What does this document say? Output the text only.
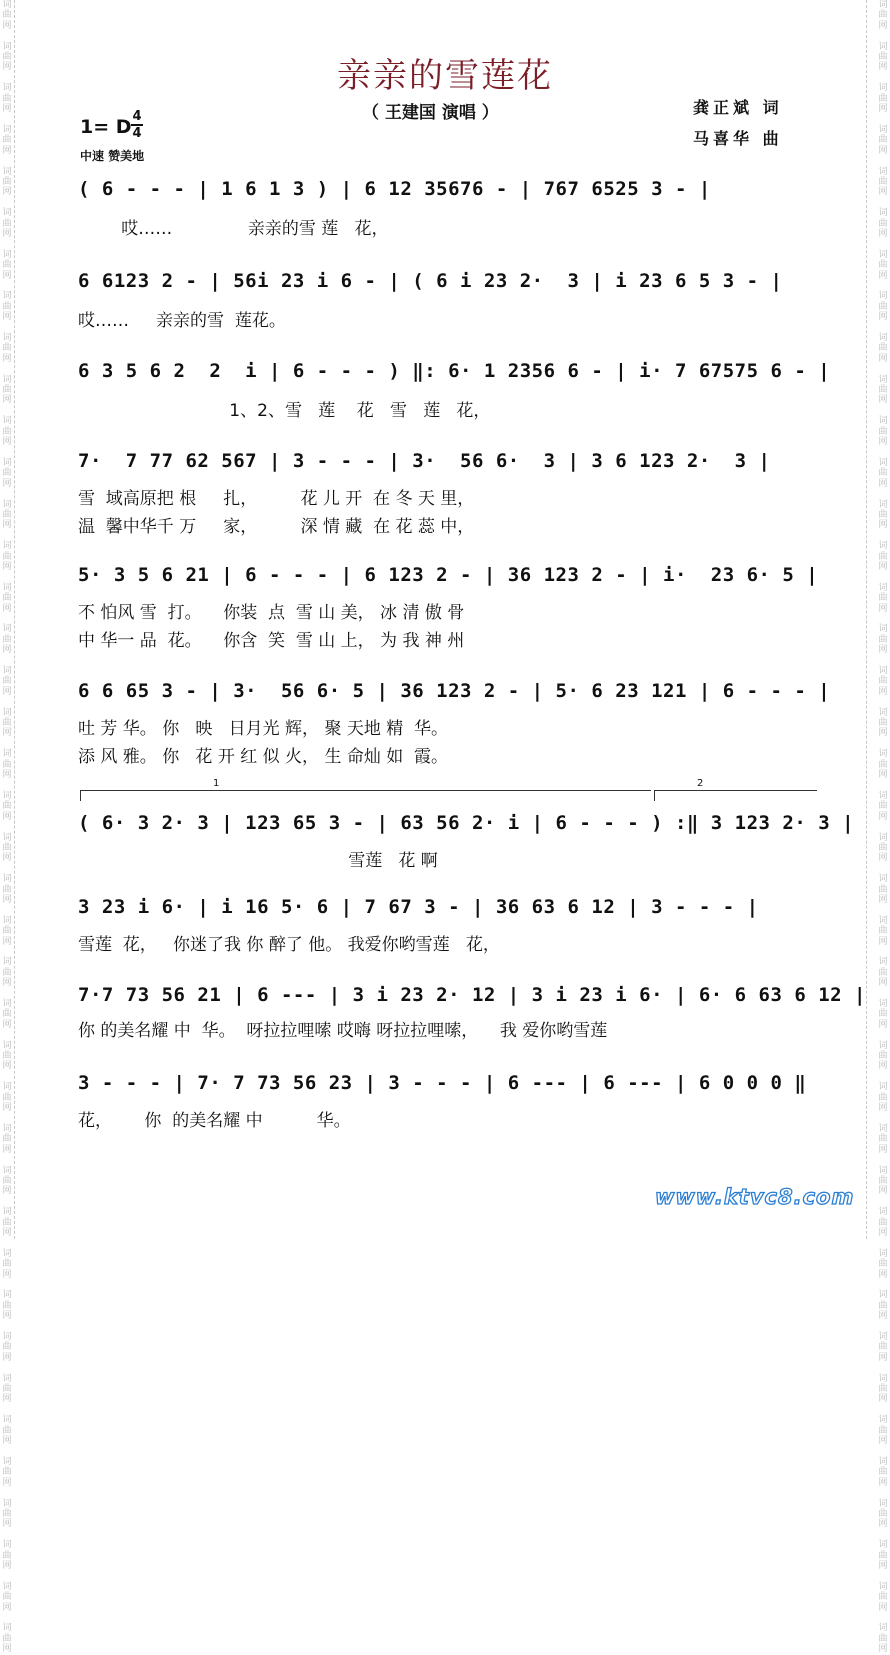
词
曲
网

词
曲
网

词
曲
网

词
曲
网

词
曲
网

词
曲
网

词
曲
网

词
曲
网

词
曲
网

词
曲
网

词
曲
网

词
曲
网

词
曲
网

词
曲
网

词
曲
网

词
曲
网

词
曲
网

词
曲
网

词
曲
网

词
曲
网

词
曲
网

词
曲
网

词
曲
网

词
曲
网

词
曲
网

词
曲
网

词
曲
网

词
曲
网

词
曲
网

词
曲
网

词
曲
网

词
曲
网

词
曲
网

词
曲
网

词
曲
网

词
曲
网

词
曲
网

词
曲
网

词
曲
网

词
曲
网
词
曲
网

词
曲
网

词
曲
网

词
曲
网

词
曲
网

词
曲
网

词
曲
网

词
曲
网

词
曲
网

词
曲
网

词
曲
网

词
曲
网

词
曲
网

词
曲
网

词
曲
网

词
曲
网

词
曲
网

词
曲
网

词
曲
网

词
曲
网

词
曲
网

词
曲
网

词
曲
网

词
曲
网

词
曲
网

词
曲
网

词
曲
网

词
曲
网

词
曲
网

词
曲
网

词
曲
网

词
曲
网

词
曲
网

词
曲
网

词
曲
网

词
曲
网

词
曲
网

词
曲
网

词
曲
网

词
曲
网
亲亲的雪莲花
（ 王建国 演唱 ）	龚正斌 词
马喜华 曲
1= D 4
4
中速 赞美地
( 6 - - - | 1 6 1 3 ) | 6 12 35676 - | 767 6525 3 - |
哎……              亲亲的雪 莲   花，
6 6123 2 - | 56i 23 i 6 - | ( 6 i 23 2·  3 | i 23 6 5 3 - |
哎……     亲亲的雪  莲花。
6 3 5 6 2  2  i | 6 - - - ) ‖: 6· 1 2356 6 - | i· 7 67575 6 - |
1、2、雪   莲    花   雪   莲   花，
7·  7 77 62 567 | 3 - - - | 3·  56 6·  3 | 3 6 123 2·  3 |
雪  域高原把 根     扎，        花 儿 开  在 冬 天 里，
温  馨中华千 万     家，        深 情 藏  在 花 蕊 中，
5· 3 5 6 21 | 6 - - - | 6 123 2 - | 36 123 2 - | i·  23 6· 5 |
不 怕风 雪  打。    你装  点  雪 山 美， 冰 清 傲 骨
中 华一 品  花。    你含  笑  雪 山 上， 为 我 神 州
6 6 65 3 - | 3·  56 6· 5 | 36 123 2 - | 5· 6 23 121 | 6 - - - |
吐 芳 华。 你   映   日月光 辉， 聚 天地 精  华。
添 风 雅。 你   花 开 红 似 火， 生 命灿 如  霞。
1	2
( 6· 3 2· 3 | 123 65 3 - | 63 56 2· i | 6 - - - ) :‖ 3 123 2· 3 |
雪莲   花 啊
3 23 i 6· | i 16 5· 6 | 7 67 3 - | 36 63 6 12 | 3 - - - |
雪莲  花，   你迷了我 你 醉了 他。 我爱你哟雪莲   花，
7·7 73 56 21 | 6 --- | 3 i 23 2· 12 | 3 i 23 i 6· | 6· 6 63 6 12 |
你 的美名耀 中  华。  呀拉拉哩嗦 哎嗨 呀拉拉哩嗦，    我 爱你哟雪莲
3 - - - | 7· 7 73 56 23 | 3 - - - | 6 --- | 6 --- | 6 0 0 0 ‖
花，      你  的美名耀 中          华。
www.ktvc8.com
